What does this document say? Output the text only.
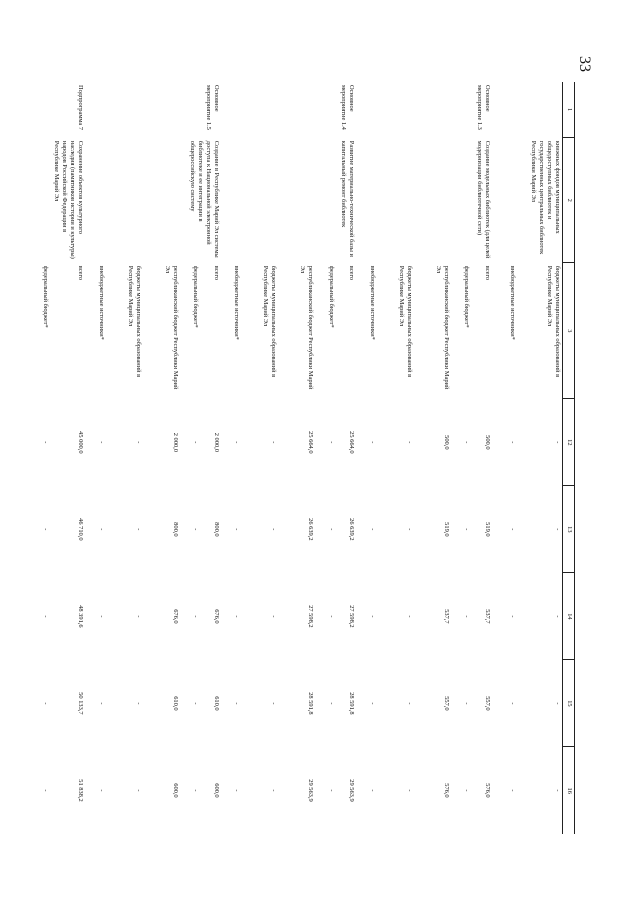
33
1	2	3	12	13	14	15	16
	книжных фондов муниципальных общедоступных библиотек и государственных центральных библиотек Республики Марий Эл	бюджеты муниципальных образований в Республике Марий Эл	-	-	-	-	-
		внебюджетные источники*	-	-	-	-	-
Основное мероприятие 1.3	Создание модельных библиотек (для целей модернизации библиотечной сети)	всего	500,0	519,0	537,7	557,0	576,0
		федеральный бюджет*	-	-	-	-	-
		республиканский бюджет Республики Марий Эл	500,0	519,0	537,7	557,0	576,0
		бюджеты муниципальных образований в Республике Марий Эл	-	-	-	-	-
		внебюджетные источники*	-	-	-	-	-
Основное мероприятие 1.4	Развитие материально-технической базы и капитальный ремонт библиотек	всего	25 664,0	26 639,2	27 598,2	28 591,8	29 563,9
		федеральный бюджет*	-	-	-	-	-
		республиканский бюджет Республики Марий Эл	25 664,0	26 639,2	27 598,2	28 591,8	29 563,9
		бюджеты муниципальных образований в Республике Марий Эл	-	-	-	-	-
		внебюджетные источники*	-	-	-	-	-
Основное мероприятие 1.5	Создание в Республике Марий Эл системы доступа к Национальной электронной библиотеке и ее интеграции в общероссийскую систему	всего	2 000,0	800,0	676,0	610,0	600,0
		федеральный бюджет*	-	-	-	-	-
		республиканский бюджет Республики Марий Эл	2 000,0	800,0	676,0	610,0	600,0
		бюджеты муниципальных образований в Республике Марий Эл	-	-	-	-	-
		внебюджетные источники*	-	-	-	-	-
Подпрограмма 7	Сохранение объектов культурного наследия (памятников истории и культуры) народов Российской Федерации в Республике Марий Эл	всего	45 000,0	46 710,0	48 391,6	50 133,7	51 838,2
		федеральный бюджет*	-	-	-	-	-
